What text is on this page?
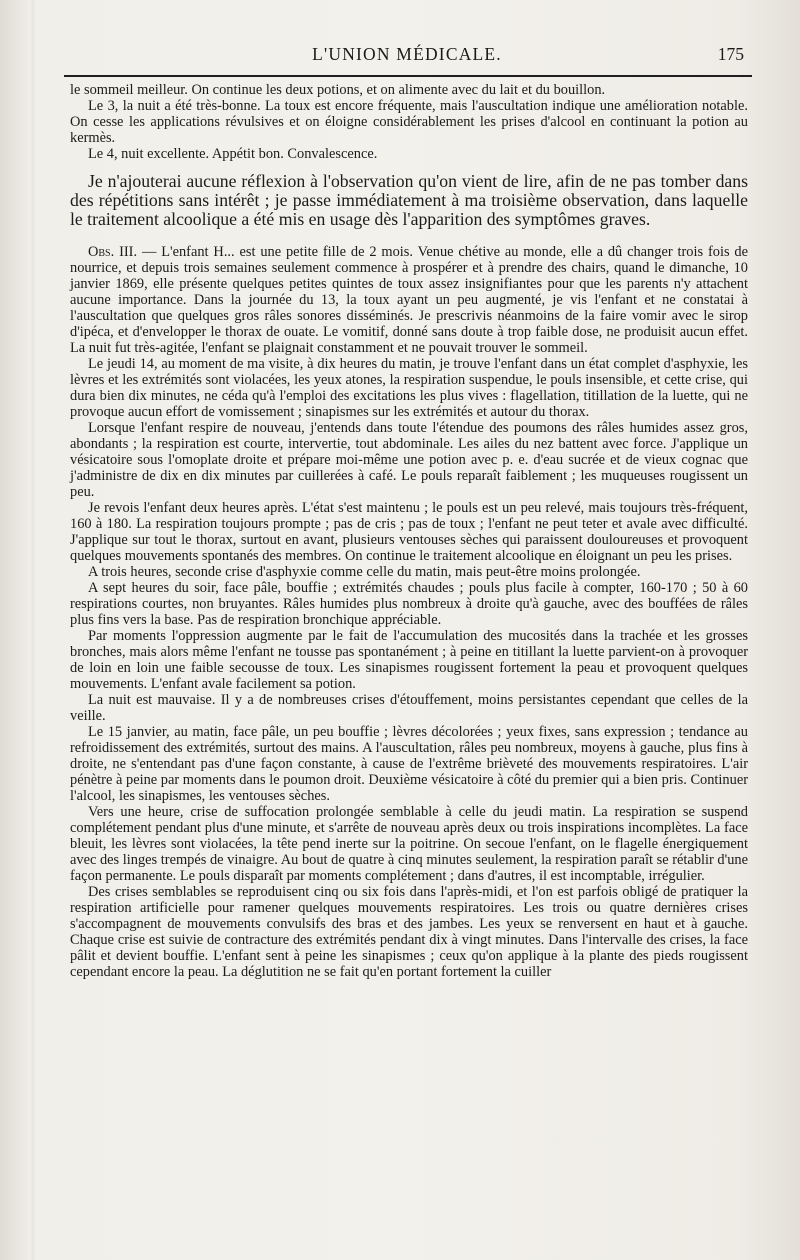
L'UNION MÉDICALE.	175

le sommeil meilleur. On continue les deux potions, et on alimente avec du lait et du bouillon.

Le 3, la nuit a été très-bonne. La toux est encore fréquente, mais l'auscultation indique une amélioration notable. On cesse les applications révulsives et on éloigne considérablement les prises d'alcool en continuant la potion au kermès.

Le 4, nuit excellente. Appétit bon. Convalescence.

Je n'ajouterai aucune réflexion à l'observation qu'on vient de lire, afin de ne pas tomber dans des répétitions sans intérêt ; je passe immédiatement à ma troisième observation, dans laquelle le traitement alcoolique a été mis en usage dès l'apparition des symptômes graves.

Obs. III. — L'enfant H... est une petite fille de 2 mois. Venue chétive au monde, elle a dû changer trois fois de nourrice, et depuis trois semaines seulement commence à prospérer et à prendre des chairs, quand le dimanche, 10 janvier 1869, elle présente quelques petites quintes de toux assez insignifiantes pour que les parents n'y attachent aucune importance. Dans la journée du 13, la toux ayant un peu augmenté, je vis l'enfant et ne constatai à l'auscultation que quelques gros râles sonores disséminés. Je prescrivis néanmoins de la faire vomir avec le sirop d'ipéca, et d'envelopper le thorax de ouate. Le vomitif, donné sans doute à trop faible dose, ne produisit aucun effet. La nuit fut très-agitée, l'enfant se plaignait constamment et ne pouvait trouver le sommeil.

Le jeudi 14, au moment de ma visite, à dix heures du matin, je trouve l'enfant dans un état complet d'asphyxie, les lèvres et les extrémités sont violacées, les yeux atones, la respiration suspendue, le pouls insensible, et cette crise, qui dura bien dix minutes, ne céda qu'à l'emploi des excitations les plus vives : flagellation, titillation de la luette, qui ne provoque aucun effort de vomissement ; sinapismes sur les extrémités et autour du thorax.

Lorsque l'enfant respire de nouveau, j'entends dans toute l'étendue des poumons des râles humides assez gros, abondants ; la respiration est courte, intervertie, tout abdominale. Les ailes du nez battent avec force. J'applique un vésicatoire sous l'omoplate droite et prépare moi-même une potion avec p. e. d'eau sucrée et de vieux cognac que j'administre de dix en dix minutes par cuillerées à café. Le pouls reparaît faiblement ; les muqueuses rougissent un peu.

Je revois l'enfant deux heures après. L'état s'est maintenu ; le pouls est un peu relevé, mais toujours très-fréquent, 160 à 180. La respiration toujours prompte ; pas de cris ; pas de toux ; l'enfant ne peut teter et avale avec difficulté. J'applique sur tout le thorax, surtout en avant, plusieurs ventouses sèches qui paraissent douloureuses et provoquent quelques mouvements spontanés des membres. On continue le traitement alcoolique en éloignant un peu les prises.

A trois heures, seconde crise d'asphyxie comme celle du matin, mais peut-être moins prolongée.

A sept heures du soir, face pâle, bouffie ; extrémités chaudes ; pouls plus facile à compter, 160-170 ; 50 à 60 respirations courtes, non bruyantes. Râles humides plus nombreux à droite qu'à gauche, avec des bouffées de râles plus fins vers la base. Pas de respiration bronchique appréciable.

Par moments l'oppression augmente par le fait de l'accumulation des mucosités dans la trachée et les grosses bronches, mais alors même l'enfant ne tousse pas spontanément ; à peine en titillant la luette parvient-on à provoquer de loin en loin une faible secousse de toux. Les sinapismes rougissent fortement la peau et provoquent quelques mouvements. L'enfant avale facilement sa potion.

La nuit est mauvaise. Il y a de nombreuses crises d'étouffement, moins persistantes cependant que celles de la veille.

Le 15 janvier, au matin, face pâle, un peu bouffie ; lèvres décolorées ; yeux fixes, sans expression ; tendance au refroidissement des extrémités, surtout des mains. A l'auscultation, râles peu nombreux, moyens à gauche, plus fins à droite, ne s'entendant pas d'une façon constante, à cause de l'extrême brièveté des mouvements respiratoires. L'air pénètre à peine par moments dans le poumon droit. Deuxième vésicatoire à côté du premier qui a bien pris. Continuer l'alcool, les sinapismes, les ventouses sèches.

Vers une heure, crise de suffocation prolongée semblable à celle du jeudi matin. La respiration se suspend complétement pendant plus d'une minute, et s'arrête de nouveau après deux ou trois inspirations incomplètes. La face bleuit, les lèvres sont violacées, la tête pend inerte sur la poitrine. On secoue l'enfant, on le flagelle énergiquement avec des linges trempés de vinaigre. Au bout de quatre à cinq minutes seulement, la respiration paraît se rétablir d'une façon permanente. Le pouls disparaît par moments complétement ; dans d'autres, il est incomptable, irrégulier.

Des crises semblables se reproduisent cinq ou six fois dans l'après-midi, et l'on est parfois obligé de pratiquer la respiration artificielle pour ramener quelques mouvements respiratoires. Les trois ou quatre dernières crises s'accompagnent de mouvements convulsifs des bras et des jambes. Les yeux se renversent en haut et à gauche. Chaque crise est suivie de contracture des extrémités pendant dix à vingt minutes. Dans l'intervalle des crises, la face pâlit et devient bouffie. L'enfant sent à peine les sinapismes ; ceux qu'on applique à la plante des pieds rougissent cependant encore la peau. La déglutition ne se fait qu'en portant fortement la cuiller
